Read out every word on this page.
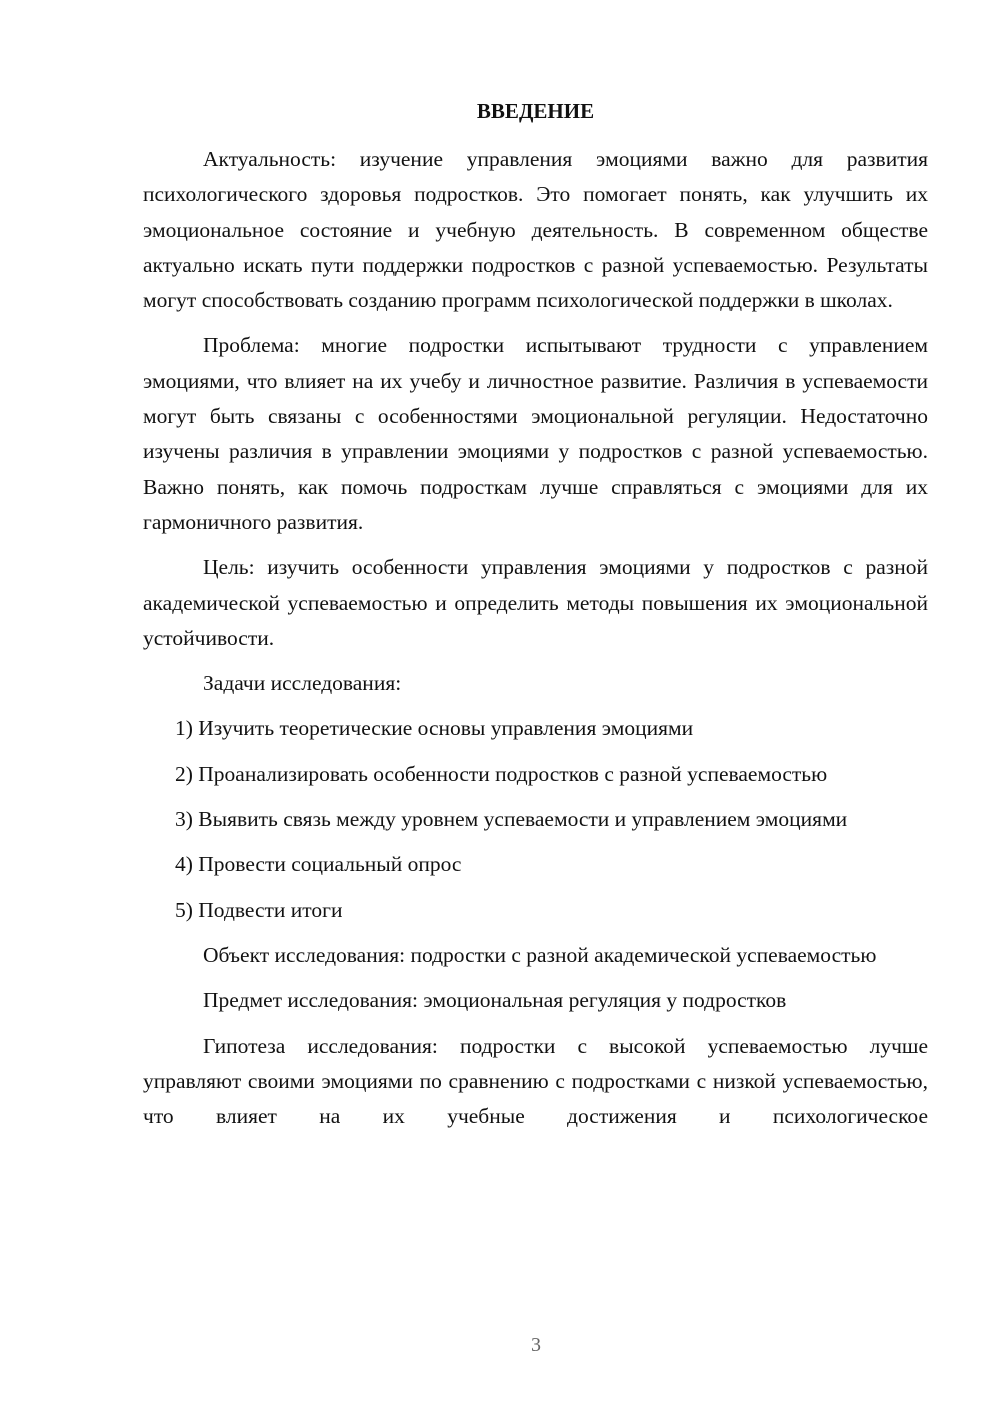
ВВЕДЕНИЕ

Актуальность: изучение управления эмоциями важно для развития психологического здоровья подростков. Это помогает понять, как улучшить их эмоциональное состояние и учебную деятельность. В современном обществе актуально искать пути поддержки подростков с разной успеваемостью. Результаты могут способствовать созданию программ психологической поддержки в школах.

Проблема: многие подростки испытывают трудности с управлением эмоциями, что влияет на их учебу и личностное развитие. Различия в успеваемости могут быть связаны с особенностями эмоциональной регуляции. Недостаточно изучены различия в управлении эмоциями у подростков с разной успеваемостью. Важно понять, как помочь подросткам лучше справляться с эмоциями для их гармоничного развития.

Цель: изучить особенности управления эмоциями у подростков с разной академической успеваемостью и определить методы повышения их эмоциональной устойчивости.

Задачи исследования:

1) Изучить теоретические основы управления эмоциями

2) Проанализировать особенности подростков с разной успеваемостью

3) Выявить связь между уровнем успеваемости и управлением эмоциями

4) Провести социальный опрос

5) Подвести итоги

Объект исследования: подростки с разной академической успеваемостью

Предмет исследования: эмоциональная регуляция у подростков

Гипотеза исследования: подростки с высокой успеваемостью лучше управляют своими эмоциями по сравнению с подростками с низкой успеваемостью, что влияет на их учебные достижения и психологическое

3
